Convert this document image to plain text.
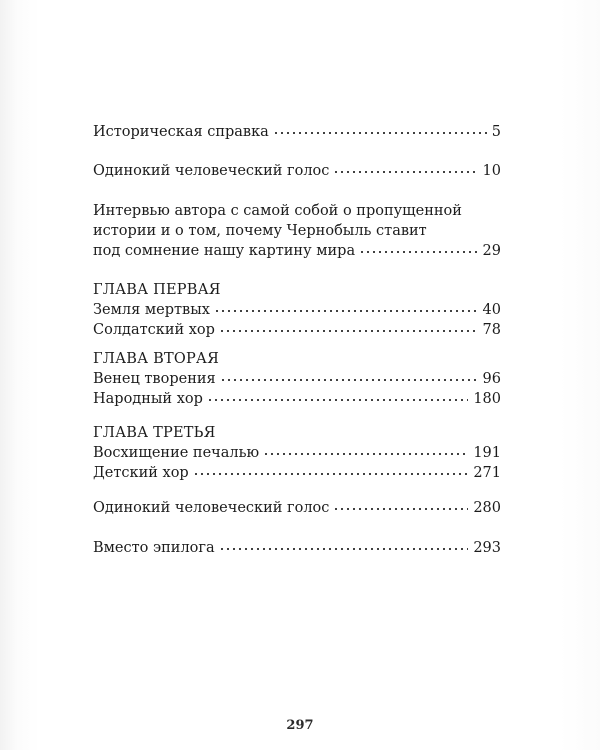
Историческая справка	5
Одинокий человеческий голос	10
Интервью автора с самой собой о пропущенной
истории и о том, почему Чернобыль ставит
под сомнение нашу картину мира	29
ГЛАВА ПЕРВАЯ
Земля мертвых	40
Солдатский хор	78
ГЛАВА ВТОРАЯ
Венец творения	96
Народный хор	180
ГЛАВА ТРЕТЬЯ
Восхищение печалью	191
Детский хор	271
Одинокий человеческий голос	280
Вместо эпилога	293
297
